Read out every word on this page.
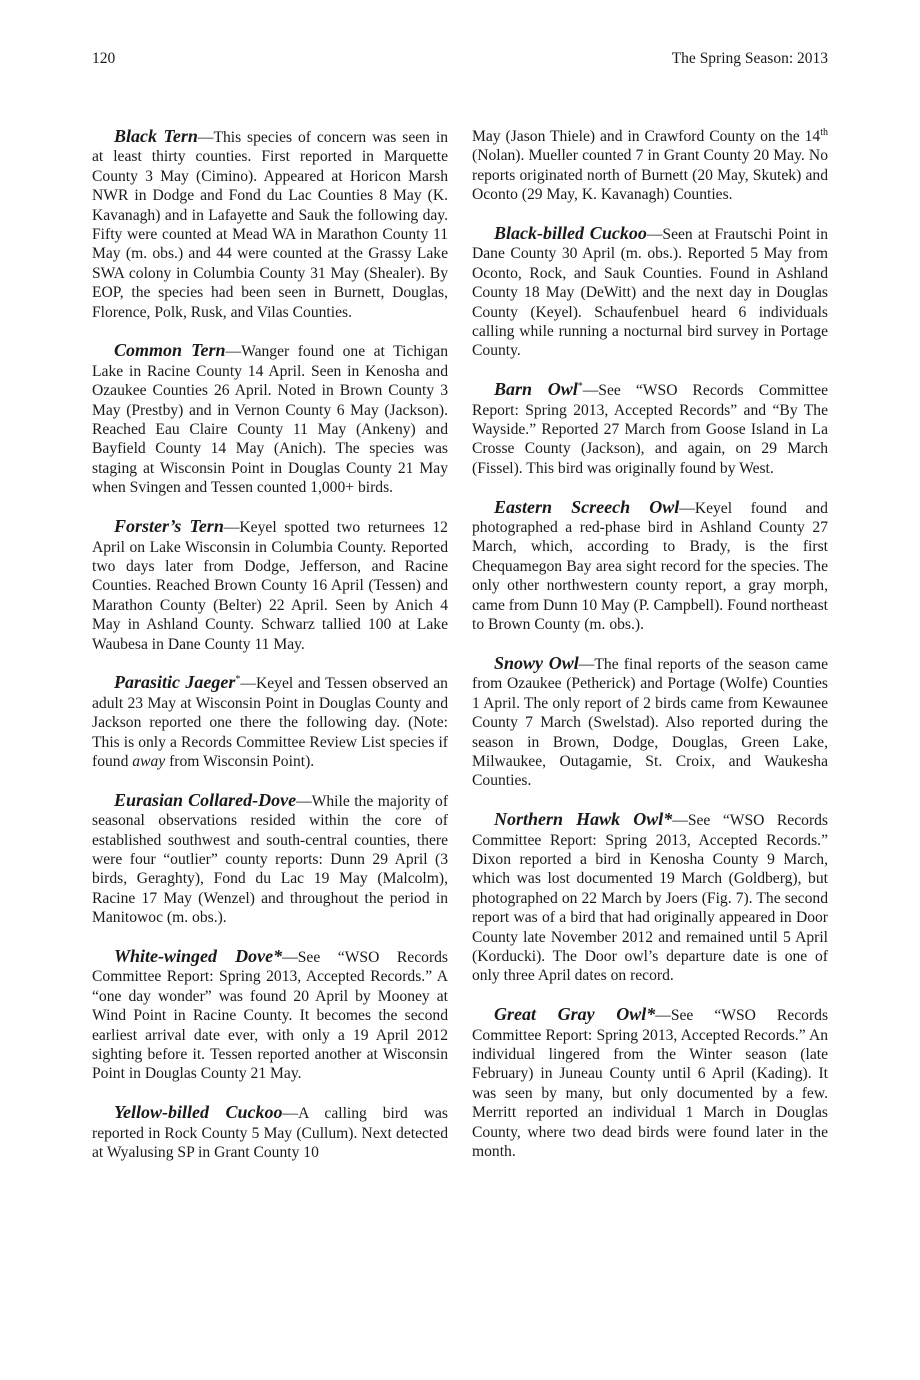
120	The Spring Season: 2013

Black Tern—This species of concern was seen in at least thirty counties. First reported in Marquette County 3 May (Cimino). Appeared at Horicon Marsh NWR in Dodge and Fond du Lac Counties 8 May (K. Kavanagh) and in Lafayette and Sauk the following day. Fifty were counted at Mead WA in Marathon County 11 May (m. obs.) and 44 were counted at the Grassy Lake SWA colony in Columbia County 31 May (Shealer). By EOP, the species had been seen in Burnett, Douglas, Florence, Polk, Rusk, and Vilas Counties.

Common Tern—Wanger found one at Tichigan Lake in Racine County 14 April. Seen in Kenosha and Ozaukee Counties 26 April. Noted in Brown County 3 May (Prestby) and in Vernon County 6 May (Jackson). Reached Eau Claire County 11 May (Ankeny) and Bayfield County 14 May (Anich). The species was staging at Wisconsin Point in Douglas County 21 May when Svingen and Tessen counted 1,000+ birds.

Forster’s Tern—Keyel spotted two returnees 12 April on Lake Wisconsin in Columbia County. Reported two days later from Dodge, Jefferson, and Racine Counties. Reached Brown County 16 April (Tessen) and Marathon County (Belter) 22 April. Seen by Anich 4 May in Ashland County. Schwarz tallied 100 at Lake Waubesa in Dane County 11 May.

Parasitic Jaeger*—Keyel and Tessen observed an adult 23 May at Wisconsin Point in Douglas County and Jackson reported one there the following day. (Note: This is only a Records Committee Review List species if found away from Wisconsin Point).

Eurasian Collared-Dove—While the majority of seasonal observations resided within the core of established southwest and south-central counties, there were four “outlier” county reports: Dunn 29 April (3 birds, Geraghty), Fond du Lac 19 May (Malcolm), Racine 17 May (Wenzel) and throughout the period in Manitowoc (m. obs.).

White-winged Dove*—See “WSO Records Committee Report: Spring 2013, Accepted Records.” A “one day wonder” was found 20 April by Mooney at Wind Point in Racine County. It becomes the second earliest arrival date ever, with only a 19 April 2012 sighting before it. Tessen reported another at Wisconsin Point in Douglas County 21 May.

Yellow-billed Cuckoo—A calling bird was reported in Rock County 5 May (Cullum). Next detected at Wyalusing SP in Grant County 10

May (Jason Thiele) and in Crawford County on the 14th (Nolan). Mueller counted 7 in Grant County 20 May. No reports originated north of Burnett (20 May, Skutek) and Oconto (29 May, K. Kavanagh) Counties.

Black-billed Cuckoo—Seen at Frautschi Point in Dane County 30 April (m. obs.). Reported 5 May from Oconto, Rock, and Sauk Counties. Found in Ashland County 18 May (DeWitt) and the next day in Douglas County (Keyel). Schaufenbuel heard 6 individuals calling while running a nocturnal bird survey in Portage County.

Barn Owl*—See “WSO Records Committee Report: Spring 2013, Accepted Records” and “By The Wayside.” Reported 27 March from Goose Island in La Crosse County (Jackson), and again, on 29 March (Fissel). This bird was originally found by West.

Eastern Screech Owl—Keyel found and photographed a red-phase bird in Ashland County 27 March, which, according to Brady, is the first Chequamegon Bay area sight record for the species. The only other northwestern county report, a gray morph, came from Dunn 10 May (P. Campbell). Found northeast to Brown County (m. obs.).

Snowy Owl—The final reports of the season came from Ozaukee (Petherick) and Portage (Wolfe) Counties 1 April. The only report of 2 birds came from Kewaunee County 7 March (Swelstad). Also reported during the season in Brown, Dodge, Douglas, Green Lake, Milwaukee, Outagamie, St. Croix, and Waukesha Counties.

Northern Hawk Owl*—See “WSO Records Committee Report: Spring 2013, Accepted Records.” Dixon reported a bird in Kenosha County 9 March, which was lost documented 19 March (Goldberg), but photographed on 22 March by Joers (Fig. 7). The second report was of a bird that had originally appeared in Door County late November 2012 and remained until 5 April (Korducki). The Door owl’s departure date is one of only three April dates on record.

Great Gray Owl*—See “WSO Records Committee Report: Spring 2013, Accepted Records.” An individual lingered from the Winter season (late February) in Juneau County until 6 April (Kading). It was seen by many, but only documented by a few. Merritt reported an individual 1 March in Douglas County, where two dead birds were found later in the month.
